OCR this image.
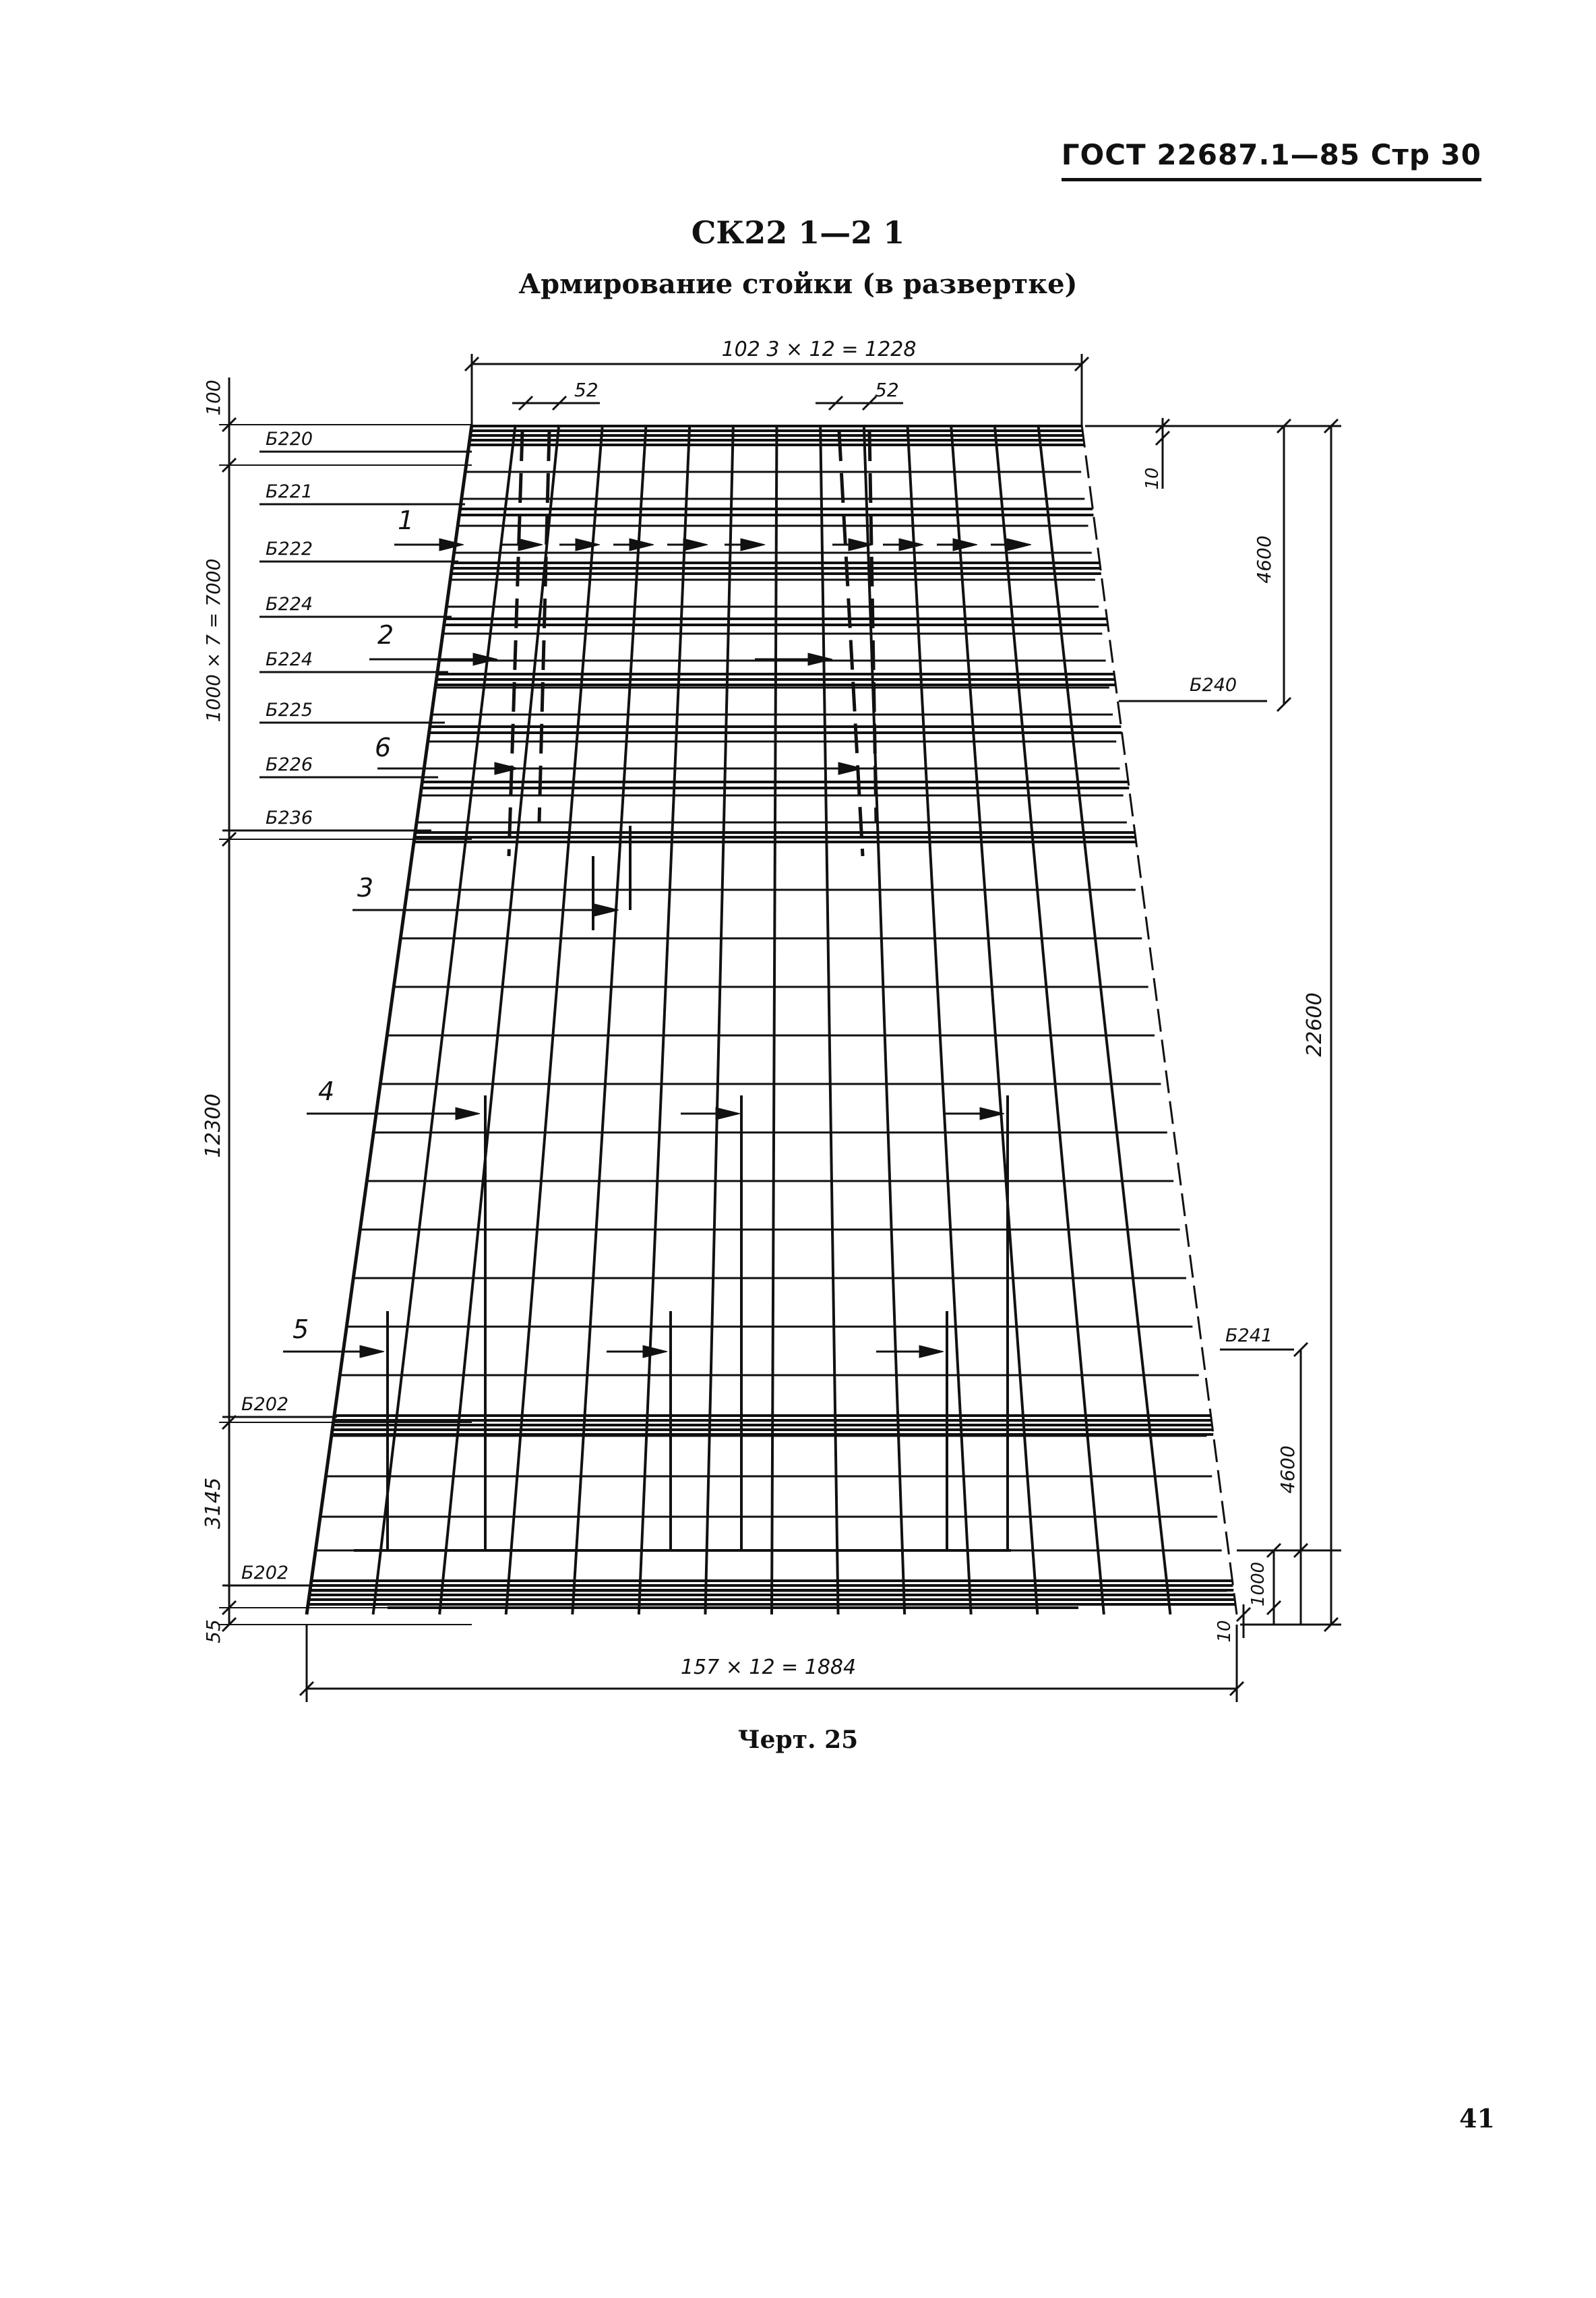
ГОСТ 22687.1—85 Стр 30
СК22 1—2 1
Армирование стойки (в развертке)
102 3 × 12 = 1228
157 × 12 = 1884
52	52
100
1000 × 7 = 7000
12300
3145
55
10
4600
22600
4600
1000
10
Б220
Б221
Б222
Б224
Б224
Б225
Б226
Б236
Б202
Б202
Б240
Б241
1
2
6
3
4
5
Черт. 25
41
